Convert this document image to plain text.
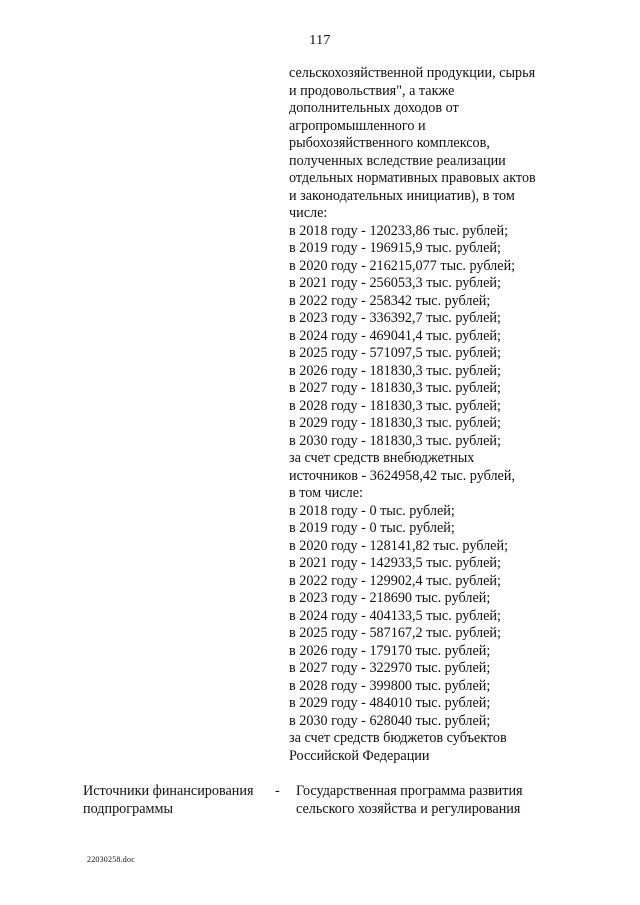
117
сельскохозяйственной продукции, сырья
и продовольствия", а также
дополнительных доходов от
агропромышленного и
рыбохозяйственного комплексов,
полученных вследствие реализации
отдельных нормативных правовых актов
и законодательных инициатив), в том
числе:
в 2018 году - 120233,86 тыс. рублей;
в 2019 году - 196915,9 тыс. рублей;
в 2020 году - 216215,077 тыс. рублей;
в 2021 году - 256053,3 тыс. рублей;
в 2022 году - 258342 тыс. рублей;
в 2023 году - 336392,7 тыс. рублей;
в 2024 году - 469041,4 тыс. рублей;
в 2025 году - 571097,5 тыс. рублей;
в 2026 году - 181830,3 тыс. рублей;
в 2027 году - 181830,3 тыс. рублей;
в 2028 году - 181830,3 тыс. рублей;
в 2029 году - 181830,3 тыс. рублей;
в 2030 году - 181830,3 тыс. рублей;
за счет средств внебюджетных
источников - 3624958,42 тыс. рублей,
в том числе:
в 2018 году - 0 тыс. рублей;
в 2019 году - 0 тыс. рублей;
в 2020 году - 128141,82 тыс. рублей;
в 2021 году - 142933,5 тыс. рублей;
в 2022 году - 129902,4 тыс. рублей;
в 2023 году - 218690 тыс. рублей;
в 2024 году - 404133,5 тыс. рублей;
в 2025 году - 587167,2 тыс. рублей;
в 2026 году - 179170 тыс. рублей;
в 2027 году - 322970 тыс. рублей;
в 2028 году - 399800 тыс. рублей;
в 2029 году - 484010 тыс. рублей;
в 2030 году - 628040 тыс. рублей;
за счет средств бюджетов субъектов
Российской Федерации
Источники финансирования
подпрограммы
- Государственная программа развития
сельского хозяйства и регулирования
22030258.doc
